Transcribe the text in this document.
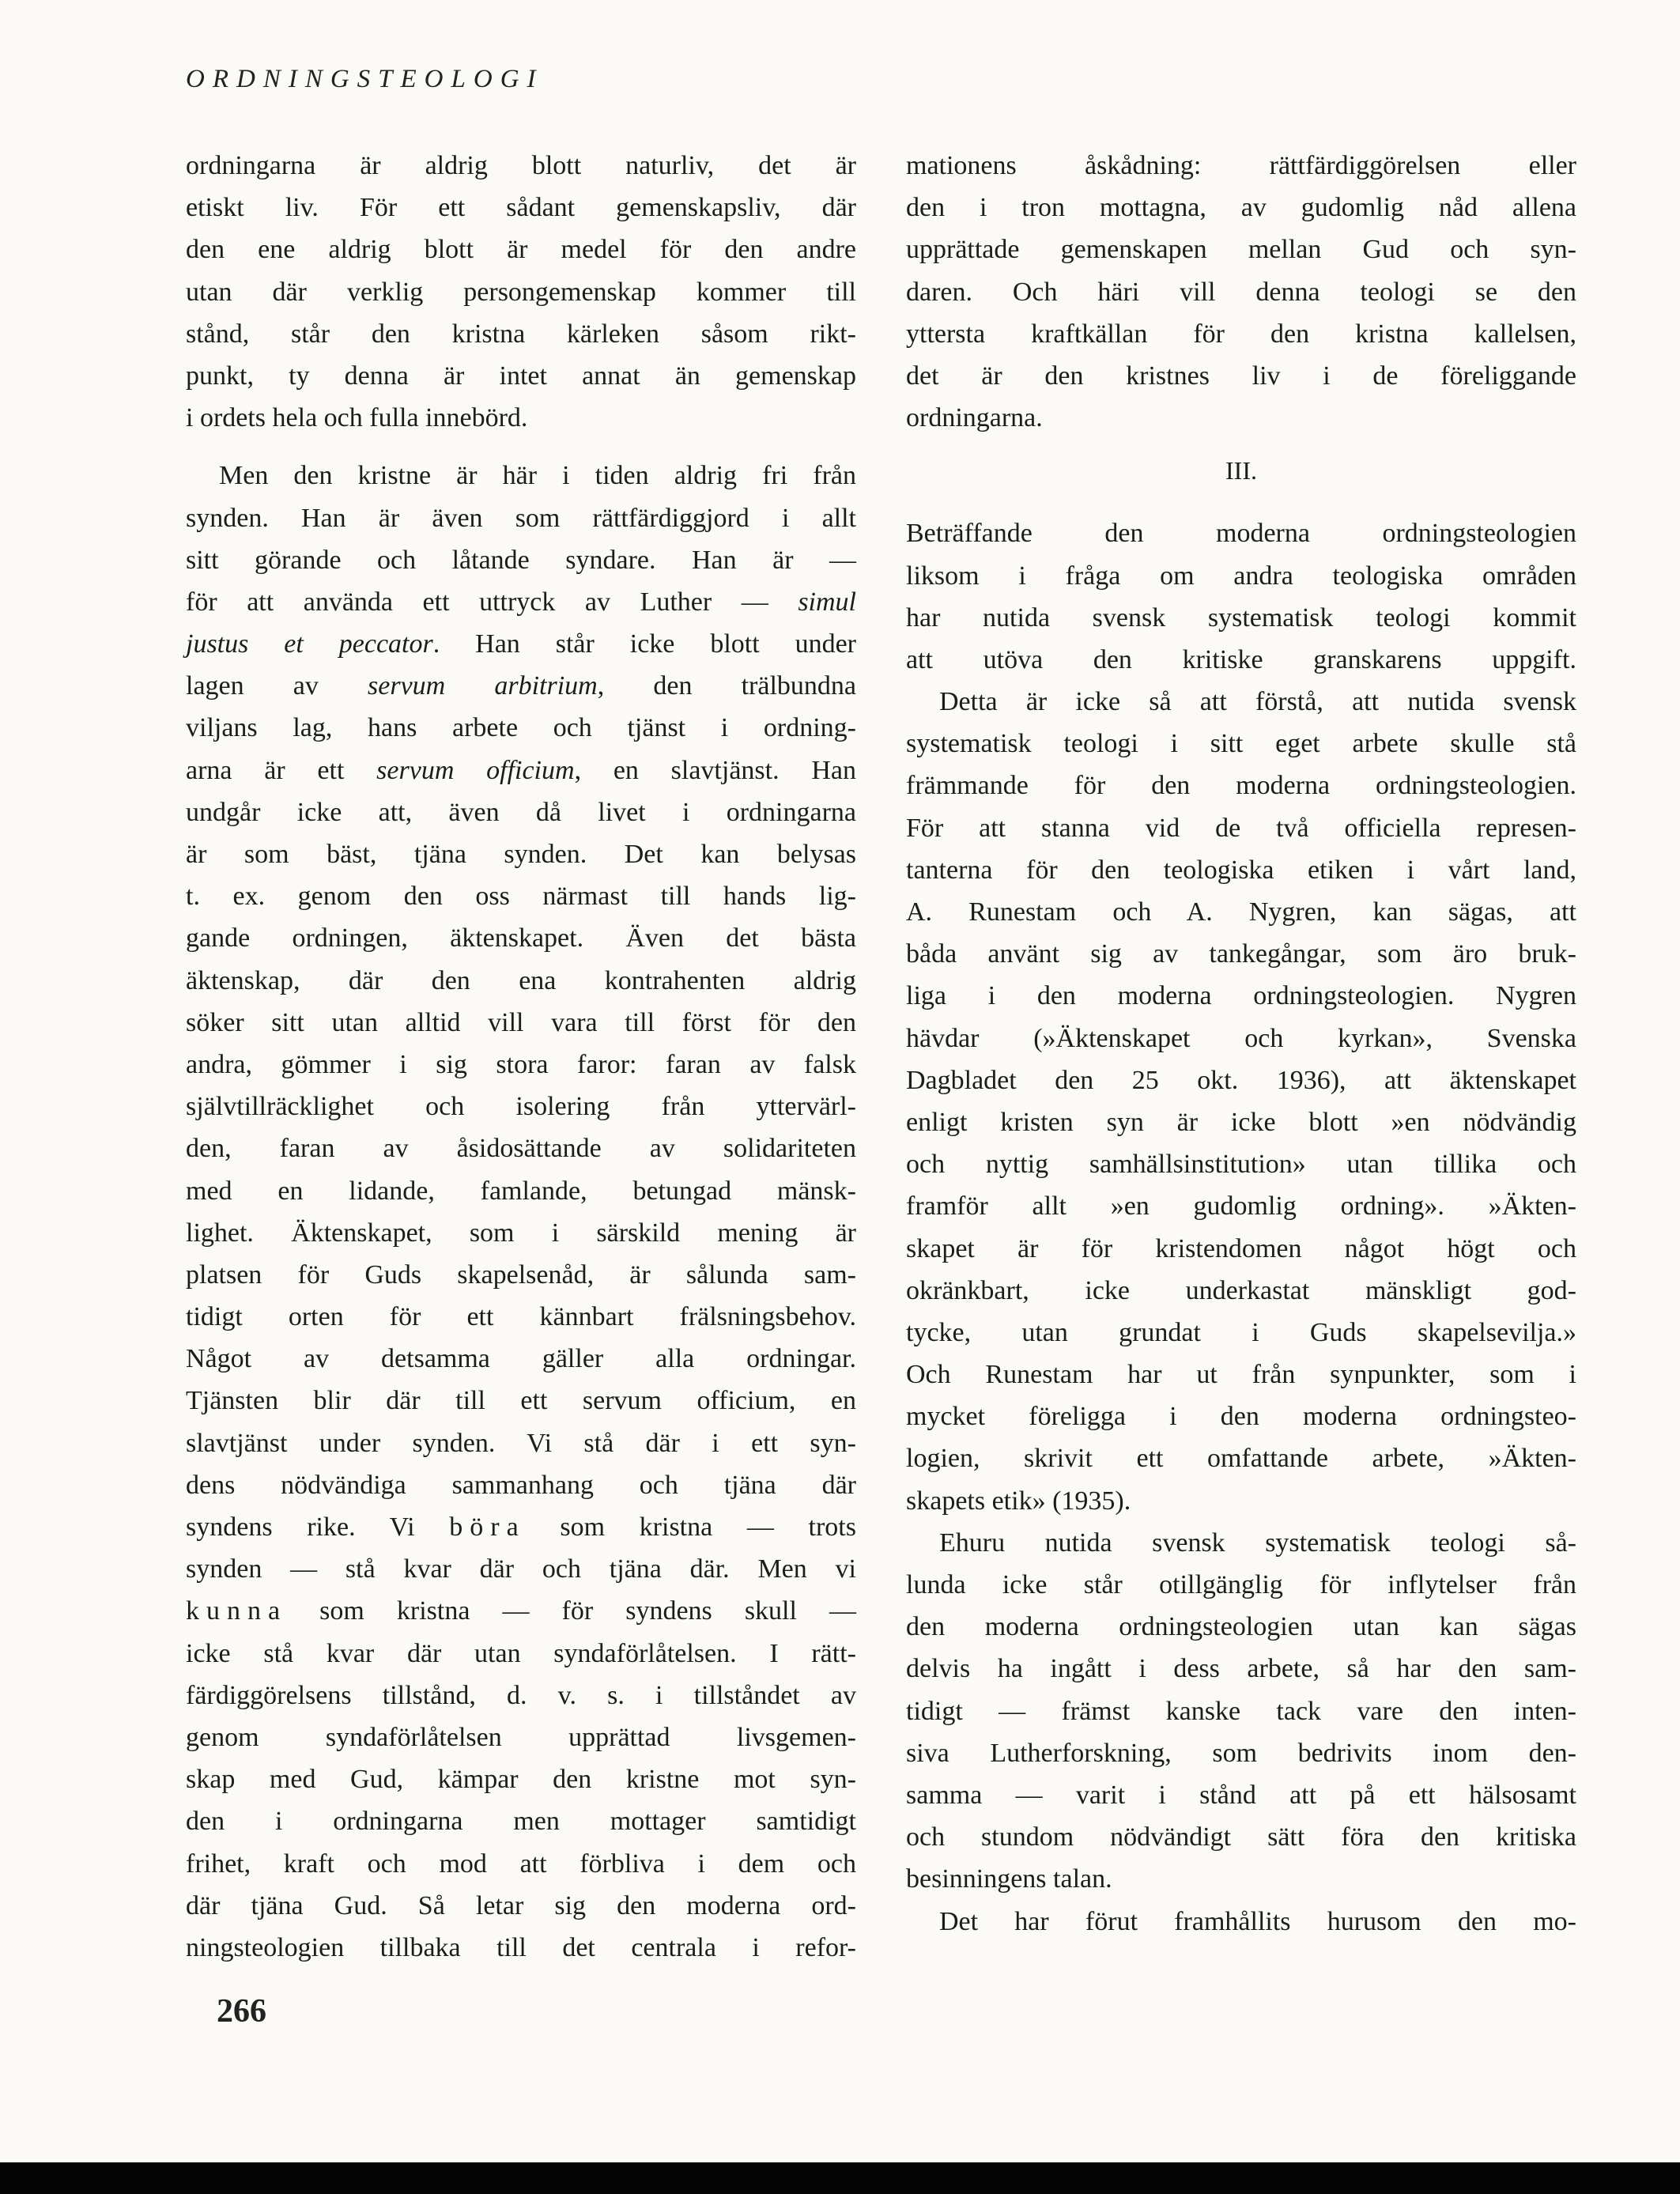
ORDNINGSTEOLOGI
ordningarna är aldrig blott naturliv, det är
etiskt liv. För ett sådant gemenskapsliv, där
den ene aldrig blott är medel för den andre
utan där verklig persongemenskap kommer till
stånd, står den kristna kärleken såsom rikt-
punkt, ty denna är intet annat än gemenskap
i ordets hela och fulla innebörd.
Men den kristne är här i tiden aldrig fri från
synden. Han är även som rättfärdiggjord i allt
sitt görande och låtande syndare. Han är —
för att använda ett uttryck av Luther — simul
justus et peccator. Han står icke blott under
lagen av servum arbitrium, den trälbundna
viljans lag, hans arbete och tjänst i ordning-
arna är ett servum officium, en slavtjänst. Han
undgår icke att, även då livet i ordningarna
är som bäst, tjäna synden. Det kan belysas
t. ex. genom den oss närmast till hands lig-
gande ordningen, äktenskapet. Även det bästa
äktenskap, där den ena kontrahenten aldrig
söker sitt utan alltid vill vara till först för den
andra, gömmer i sig stora faror: faran av falsk
självtillräcklighet och isolering från yttervärl-
den, faran av åsidosättande av solidariteten
med en lidande, famlande, betungad mänsk-
lighet. Äktenskapet, som i särskild mening är
platsen för Guds skapelsenåd, är sålunda sam-
tidigt orten för ett kännbart frälsningsbehov.
Något av detsamma gäller alla ordningar.
Tjänsten blir där till ett servum officium, en
slavtjänst under synden. Vi stå där i ett syn-
dens nödvändiga sammanhang och tjäna där
syndens rike. Vi böra som kristna — trots
synden — stå kvar där och tjäna där. Men vi
kunna som kristna — för syndens skull —
icke stå kvar där utan syndaförlåtelsen. I rätt-
färdiggörelsens tillstånd, d. v. s. i tillståndet av
genom syndaförlåtelsen upprättad livsgemen-
skap med Gud, kämpar den kristne mot syn-
den i ordningarna men mottager samtidigt
frihet, kraft och mod att förbliva i dem och
där tjäna Gud. Så letar sig den moderna ord-
ningsteologien tillbaka till det centrala i refor-
mationens åskådning: rättfärdiggörelsen eller
den i tron mottagna, av gudomlig nåd allena
upprättade gemenskapen mellan Gud och syn-
daren. Och häri vill denna teologi se den
yttersta kraftkällan för den kristna kallelsen,
det är den kristnes liv i de föreliggande
ordningarna.
III.
Beträffande den moderna ordningsteologien
liksom i fråga om andra teologiska områden
har nutida svensk systematisk teologi kommit
att utöva den kritiske granskarens uppgift.
Detta är icke så att förstå, att nutida svensk
systematisk teologi i sitt eget arbete skulle stå
främmande för den moderna ordningsteologien.
För att stanna vid de två officiella represen-
tanterna för den teologiska etiken i vårt land,
A. Runestam och A. Nygren, kan sägas, att
båda använt sig av tankegångar, som äro bruk-
liga i den moderna ordningsteologien. Nygren
hävdar (»Äktenskapet och kyrkan», Svenska
Dagbladet den 25 okt. 1936), att äktenskapet
enligt kristen syn är icke blott »en nödvändig
och nyttig samhällsinstitution» utan tillika och
framför allt »en gudomlig ordning». »Äkten-
skapet är för kristendomen något högt och
okränkbart, icke underkastat mänskligt god-
tycke, utan grundat i Guds skapelsevilja.»
Och Runestam har ut från synpunkter, som i
mycket föreligga i den moderna ordningsteo-
logien, skrivit ett omfattande arbete, »Äkten-
skapets etik» (1935).
Ehuru nutida svensk systematisk teologi så-
lunda icke står otillgänglig för inflytelser från
den moderna ordningsteologien utan kan sägas
delvis ha ingått i dess arbete, så har den sam-
tidigt — främst kanske tack vare den inten-
siva Lutherforskning, som bedrivits inom den-
samma — varit i stånd att på ett hälsosamt
och stundom nödvändigt sätt föra den kritiska
besinningens talan.
Det har förut framhållits hurusom den mo-
266
